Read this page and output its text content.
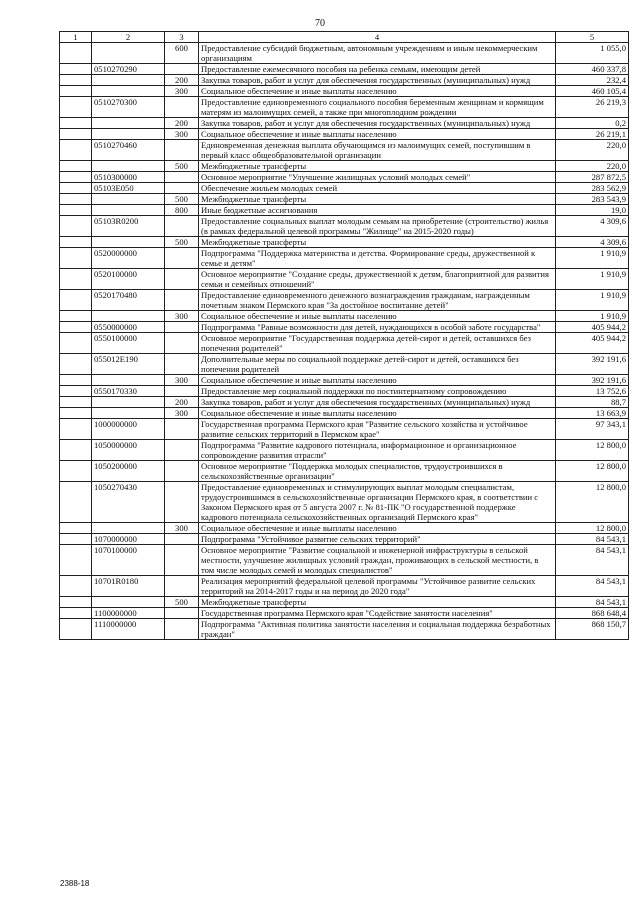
70
1	2	3	4	5
		600	Предоставление субсидий бюджетным, автономным учреждениям и иным некоммерческим организациям	1 055,0
	0510270290		Предоставление ежемесячного пособия на ребенка семьям, имеющим детей	460 337,8
		200	Закупка товаров, работ и услуг для обеспечения государственных (муниципальных) нужд	232,4
		300	Социальное обеспечение и иные выплаты населению	460 105,4
	0510270300		Предоставление единовременного социального пособия беременным женщинам и кормящим матерям из малоимущих семей, а также при многоплодном рождении	26 219,3
		200	Закупка товаров, работ и услуг для обеспечения государственных (муниципальных) нужд	0,2
		300	Социальное обеспечение и иные выплаты населению	26 219,1
	0510270460		Единовременная денежная выплата обучающимся из малоимущих семей, поступившим в первый класс общеобразовательной организации	220,0
		500	Межбюджетные трансферты	220,0
	0510300000		Основное мероприятие "Улучшение жилищных условий молодых семей"	287 872,5
	05103Е050		Обеспечение жильем молодых семей	283 562,9
		500	Межбюджетные трансферты	283 543,9
		800	Иные бюджетные ассигнования	19,0
	05103R0200		Предоставление социальных выплат молодым семьям на приобретение (строительство) жилья (в рамках федеральной целевой программы "Жилище" на 2015-2020 годы)	4 309,6
		500	Межбюджетные трансферты	4 309,6
	0520000000		Подпрограмма "Поддержка материнства и детства. Формирование среды, дружественной к семье и детям"	1 910,9
	0520100000		Основное мероприятие "Создание среды, дружественной к детям, благоприятной для развития семьи и семейных отношений"	1 910,9
	0520170480		Предоставление единовременного денежного вознаграждения гражданам, награжденным почетным знаком Пермского края "За достойное воспитание детей"	1 910,9
		300	Социальное обеспечение и иные выплаты населению	1 910,9
	0550000000		Подпрограмма "Равные возможности для детей, нуждающихся в особой заботе государства"	405 944,2
	0550100000		Основное мероприятие "Государственная поддержка детей-сирот и детей, оставшихся без попечения родителей"	405 944,2
	055012Е190		Дополнительные меры по социальной поддержке детей-сирот и детей, оставшихся без попечения родителей	392 191,6
		300	Социальное обеспечение и иные выплаты населению	392 191,6
	0550170330		Предоставление мер социальной поддержки по постинтернатному сопровождению	13 752,6
		200	Закупка товаров, работ и услуг для обеспечения государственных (муниципальных) нужд	88,7
		300	Социальное обеспечение и иные выплаты населению	13 663,9
	1000000000		Государственная программа Пермского края "Развитие сельского хозяйства и устойчивое развитие сельских территорий в Пермском крае"	97 343,1
	1050000000		Подпрограмма "Развитие кадрового потенциала, информационное и организационное сопровождение развития отрасли"	12 800,0
	1050200000		Основное мероприятие "Поддержка молодых специалистов, трудоустроившихся в сельскохозяйственные организации"	12 800,0
	1050270430		Предоставление единовременных и стимулирующих выплат молодым специалистам, трудоустроившимся в сельскохозяйственные организации Пермского края, в соответствии с Законом Пермского края от 5 августа 2007 г. № 81-ПК "О государственной поддержке кадрового потенциала сельскохозяйственных организаций Пермского края"	12 800,0
		300	Социальное обеспечение и иные выплаты населению	12 800,0
	1070000000		Подпрограмма "Устойчивое развитие сельских территорий"	84 543,1
	1070100000		Основное мероприятие "Развитие социальной и инженерной инфраструктуры в сельской местности, улучшение жилищных условий граждан, проживающих в сельской местности, в том числе молодых семей и молодых специалистов"	84 543,1
	10701R0180		Реализация мероприятий федеральной целевой программы "Устойчивое развитие сельских территорий на 2014-2017 годы и на период до 2020 года"	84 543,1
		500	Межбюджетные трансферты	84 543,1
	1100000000		Государственная программа Пермского края "Содействие занятости населения"	868 648,4
	1110000000		Подпрограмма "Активная политика занятости населения и социальная поддержка безработных граждан"	868 150,7
2388-18
